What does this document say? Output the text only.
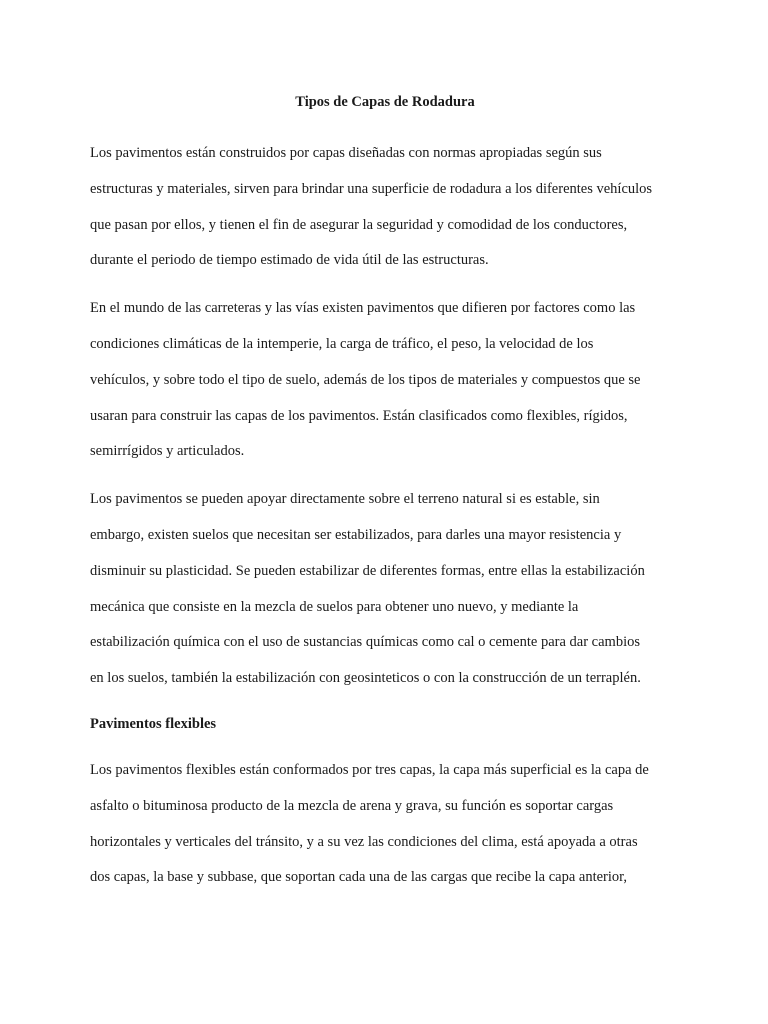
Tipos de Capas de Rodadura

Los pavimentos están construidos por capas diseñadas con normas apropiadas según sus
estructuras y materiales, sirven para brindar una superficie de rodadura a los diferentes vehículos
que pasan por ellos, y tienen el fin de asegurar la seguridad y comodidad de los conductores,
durante el periodo de tiempo estimado de vida útil de las estructuras.

En el mundo de las carreteras y las vías existen pavimentos que difieren por factores como las
condiciones climáticas de la intemperie, la carga de tráfico, el peso, la velocidad de los
vehículos, y sobre todo el tipo de suelo, además de los tipos de materiales y compuestos que se
usaran para construir las capas de los pavimentos. Están clasificados como flexibles, rígidos,
semirrígidos y articulados.

Los pavimentos se pueden apoyar directamente sobre el terreno natural si es estable, sin
embargo, existen suelos que necesitan ser estabilizados, para darles una mayor resistencia y
disminuir su plasticidad. Se pueden estabilizar de diferentes formas, entre ellas la estabilización
mecánica que consiste en la mezcla de suelos para obtener uno nuevo, y mediante la
estabilización química con el uso de sustancias químicas como cal o cemente para dar cambios
en los suelos, también la estabilización con geosinteticos o con la construcción de un terraplén.

Pavimentos flexibles

Los pavimentos flexibles están conformados por tres capas, la capa más superficial es la capa de
asfalto o bituminosa producto de la mezcla de arena y grava, su función es soportar cargas
horizontales y verticales del tránsito, y a su vez las condiciones del clima, está apoyada a otras
dos capas, la base y subbase, que soportan cada una de las cargas que recibe la capa anterior,
